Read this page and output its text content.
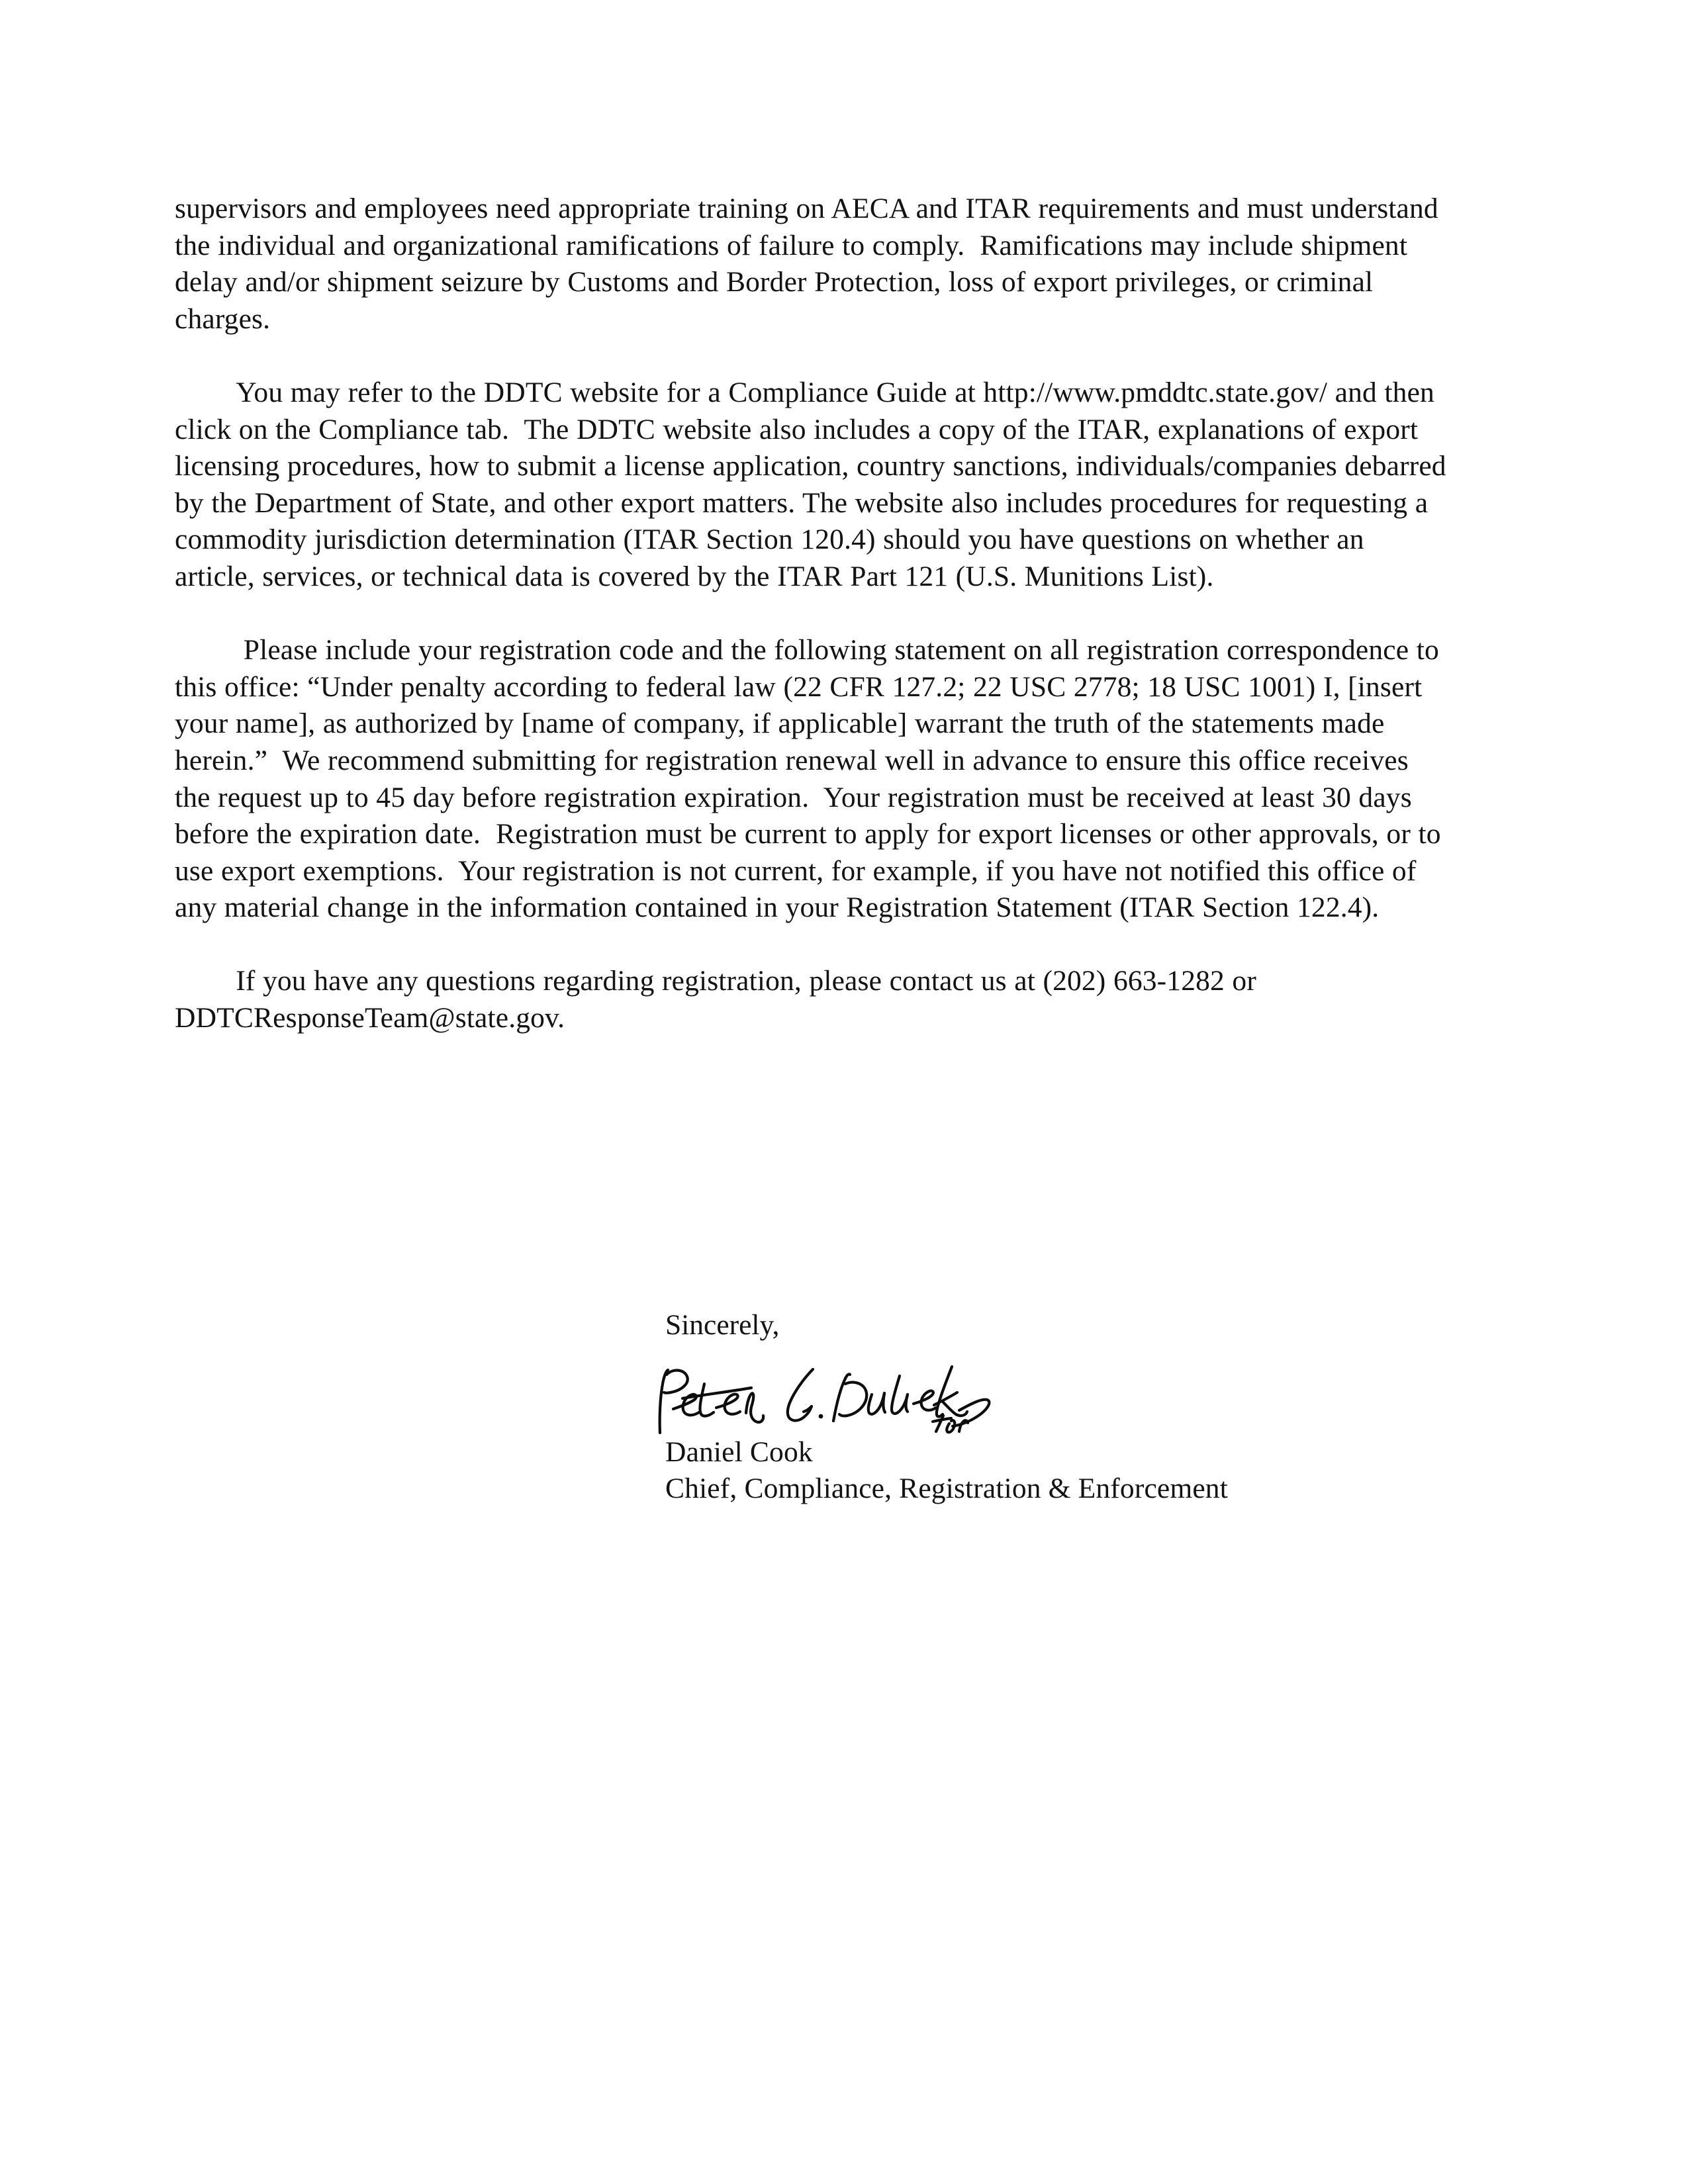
supervisors and employees need appropriate training on AECA and ITAR requirements and must understand the individual and organizational ramifications of failure to comply.  Ramifications may include shipment delay and/or shipment seizure by Customs and Border Protection, loss of export privileges, or criminal charges.

You may refer to the DDTC website for a Compliance Guide at http://www.pmddtc.state.gov/ and then click on the Compliance tab.  The DDTC website also includes a copy of the ITAR, explanations of export licensing procedures, how to submit a license application, country sanctions, individuals/companies debarred by the Department of State, and other export matters. The website also includes procedures for requesting a commodity jurisdiction determination (ITAR Section 120.4) should you have questions on whether an article, services, or technical data is covered by the ITAR Part 121 (U.S. Munitions List).

Please include your registration code and the following statement on all registration correspondence to this office: “Under penalty according to federal law (22 CFR 127.2; 22 USC 2778; 18 USC 1001) I, [insert your name], as authorized by [name of company, if applicable] warrant the truth of the statements made herein.”  We recommend submitting for registration renewal well in advance to ensure this office receives the request up to 45 day before registration expiration.  Your registration must be received at least 30 days before the expiration date.  Registration must be current to apply for export licenses or other approvals, or to use export exemptions.  Your registration is not current, for example, if you have not notified this office of any material change in the information contained in your Registration Statement (ITAR Section 122.4).

If you have any questions regarding registration, please contact us at (202) 663-1282 or DDTCResponseTeam@state.gov.

Sincerely,

Daniel Cook

Chief, Compliance, Registration & Enforcement
